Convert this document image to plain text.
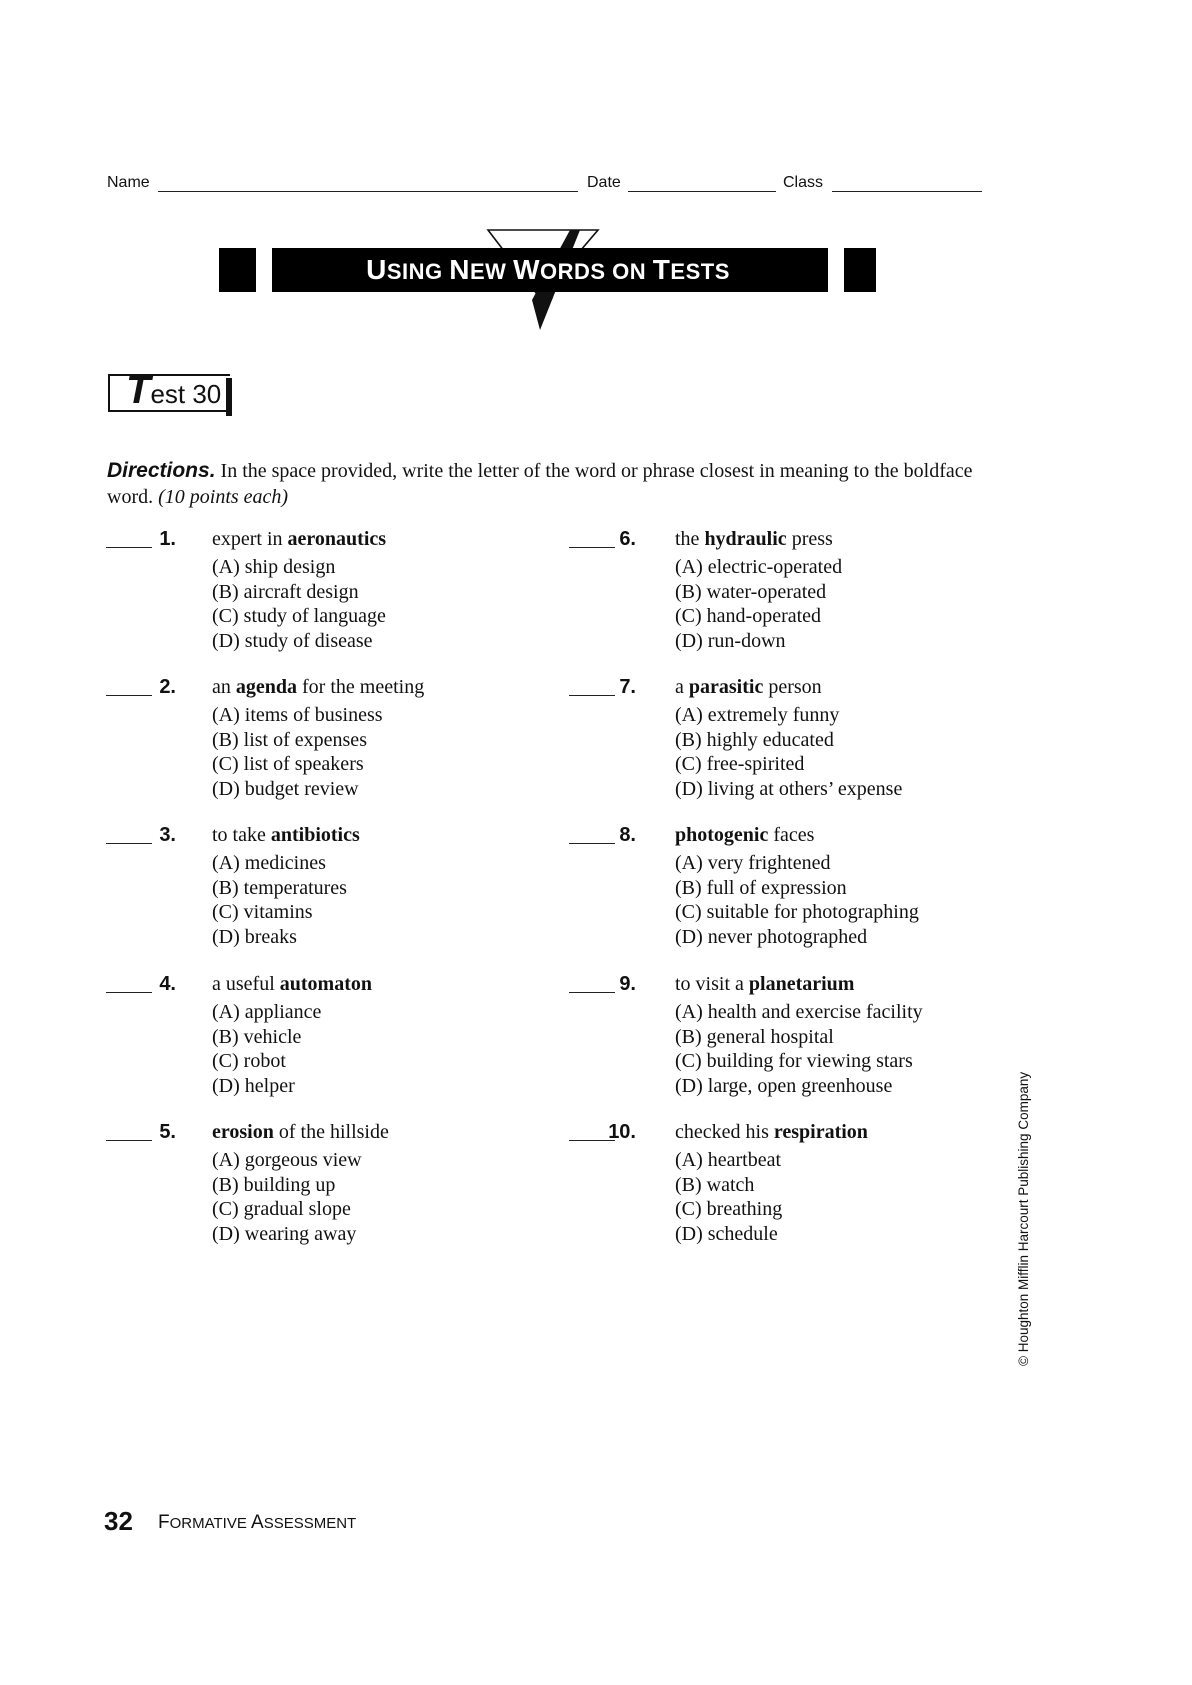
Name	Date	Class
USING NEW WORDS ON TESTS
Test 30
Directions. In the space provided, write the letter of the word or phrase closest in meaning to the boldface word. (10 points each)
1. expert in aeronautics
(A) ship design
(B) aircraft design
(C) study of language
(D) study of disease
2. an agenda for the meeting
(A) items of business
(B) list of expenses
(C) list of speakers
(D) budget review
3. to take antibiotics
(A) medicines
(B) temperatures
(C) vitamins
(D) breaks
4. a useful automaton
(A) appliance
(B) vehicle
(C) robot
(D) helper
5. erosion of the hillside
(A) gorgeous view
(B) building up
(C) gradual slope
(D) wearing away
6. the hydraulic press
(A) electric-operated
(B) water-operated
(C) hand-operated
(D) run-down
7. a parasitic person
(A) extremely funny
(B) highly educated
(C) free-spirited
(D) living at others’ expense
8. photogenic faces
(A) very frightened
(B) full of expression
(C) suitable for photographing
(D) never photographed
9. to visit a planetarium
(A) health and exercise facility
(B) general hospital
(C) building for viewing stars
(D) large, open greenhouse
10. checked his respiration
(A) heartbeat
(B) watch
(C) breathing
(D) schedule
32 FORMATIVE ASSESSMENT
© Houghton Mifflin Harcourt Publishing Company
